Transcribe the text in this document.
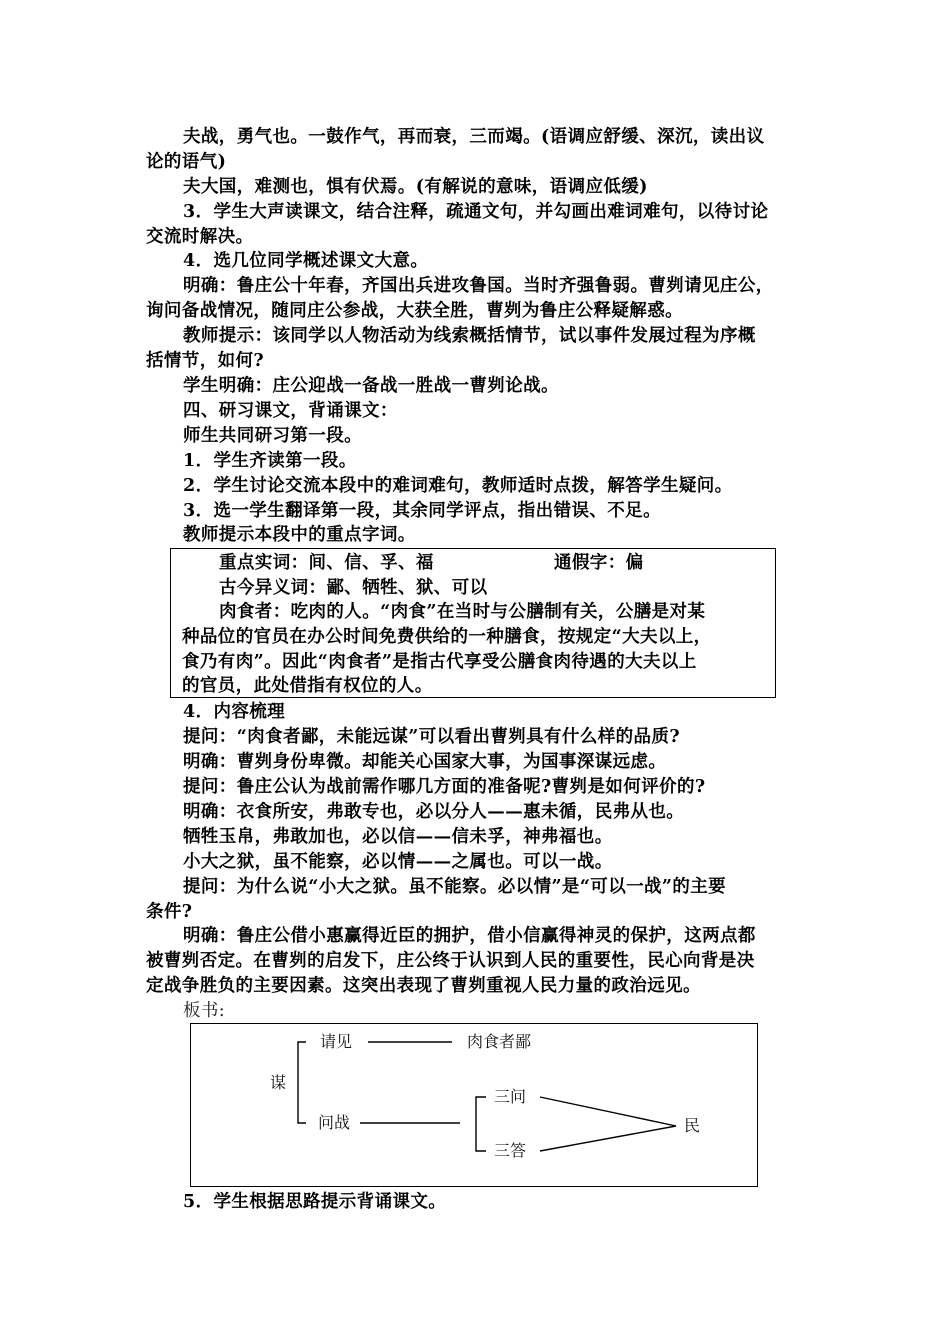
夫战，勇气也。一鼓作气，再而衰，三而竭。(语调应舒缓、深沉，读出议
论的语气)
夫大国，难测也，惧有伏焉。(有解说的意味，语调应低缓)
3．学生大声读课文，结合注释，疏通文句，并勾画出难词难句，以待讨论
交流时解决。
4．选几位同学概述课文大意。
明确：鲁庄公十年春，齐国出兵进攻鲁国。当时齐强鲁弱。曹刿请见庄公，
询问备战情况，随同庄公参战，大获全胜，曹刿为鲁庄公释疑解惑。
教师提示：该同学以人物活动为线索概括情节，试以事件发展过程为序概
括情节，如何?
学生明确：庄公迎战一备战一胜战一曹刿论战。
四、研习课文，背诵课文：
师生共同研习第一段。
1．学生齐读第一段。
2．学生讨论交流本段中的难词难句，教师适时点拨，解答学生疑问。
3．选一学生翻译第一段，其余同学评点，指出错误、不足。
教师提示本段中的重点字词。
重点实词：间、信、孚、福	通假字：偏
古今异义词：鄙、牺牲、狱、可以
肉食者：吃肉的人。“肉食”在当时与公膳制有关，公膳是对某
种品位的官员在办公时间免费供给的一种膳食，按规定“大夫以上，
食乃有肉”。因此“肉食者”是指古代享受公膳食肉待遇的大夫以上
的官员，此处借指有权位的人。
4．内容梳理
提问：“肉食者鄙，未能远谋”可以看出曹刿具有什么样的品质?
明确：曹刿身份卑微。却能关心国家大事，为国事深谋远虑。
提问：鲁庄公认为战前需作哪几方面的准备呢?曹刿是如何评价的?
明确：衣食所安，弗敢专也，必以分人——惠未循，民弗从也。
牺牲玉帛，弗敢加也，必以信——信未孚，神弗福也。
小大之狱，虽不能察，必以情——之属也。可以一战。
提问：为什么说“小大之狱。虽不能察。必以情”是“可以一战”的主要
条件?
明确：鲁庄公借小惠赢得近臣的拥护，借小信赢得神灵的保护，这两点都
被曹刿否定。在曹刿的启发下，庄公终于认识到人民的重要性，民心向背是决
定战争胜负的主要因素。这突出表现了曹刿重视人民力量的政治远见。
板书:
谋
请见	肉食者鄙
问战
三问
三答
民
5．学生根据思路提示背诵课文。
